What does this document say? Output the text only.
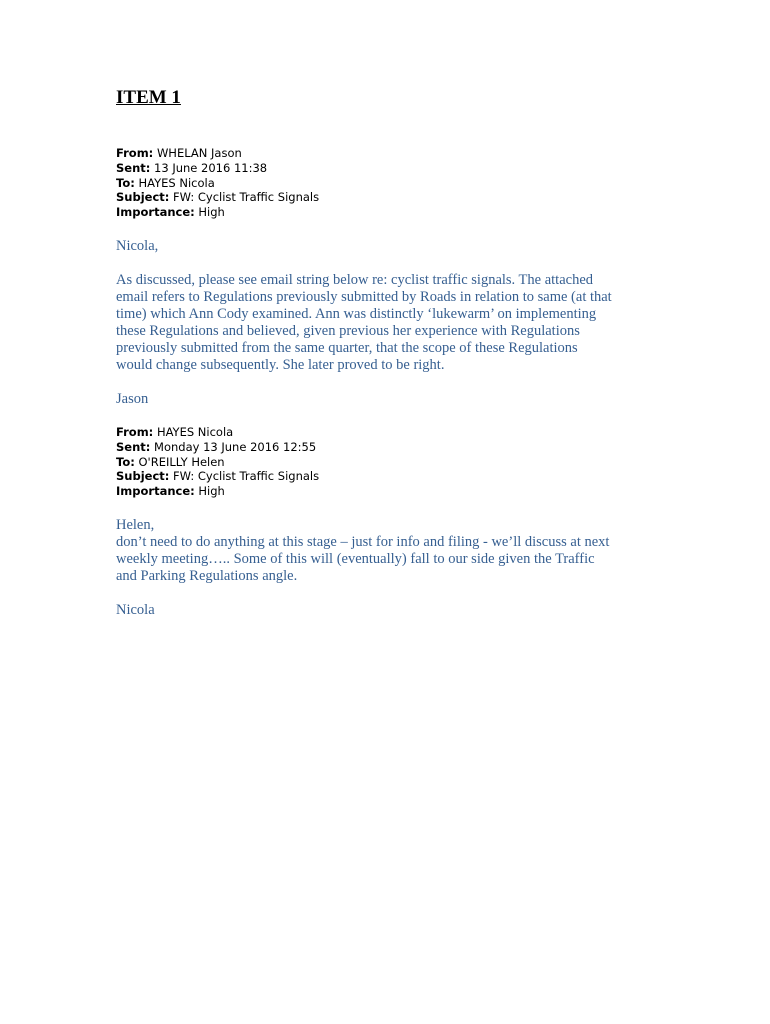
ITEM 1
From: WHELAN Jason
Sent: 13 June 2016 11:38
To: HAYES Nicola
Subject: FW: Cyclist Traffic Signals
Importance: High

Nicola,

As discussed, please see email string below re: cyclist traffic signals. The attached
email refers to Regulations previously submitted by Roads in relation to same (at that
time) which Ann Cody examined. Ann was distinctly ‘lukewarm’ on implementing
these Regulations and believed, given previous her experience with Regulations
previously submitted from the same quarter, that the scope of these Regulations
would change subsequently. She later proved to be right.

Jason

From: HAYES Nicola
Sent: Monday 13 June 2016 12:55
To: O'REILLY Helen
Subject: FW: Cyclist Traffic Signals
Importance: High
Helen,
don’t need to do anything at this stage – just for info and filing - we’ll discuss at next
weekly meeting….. Some of this will (eventually) fall to our side given the Traffic
and Parking Regulations angle.

Nicola
